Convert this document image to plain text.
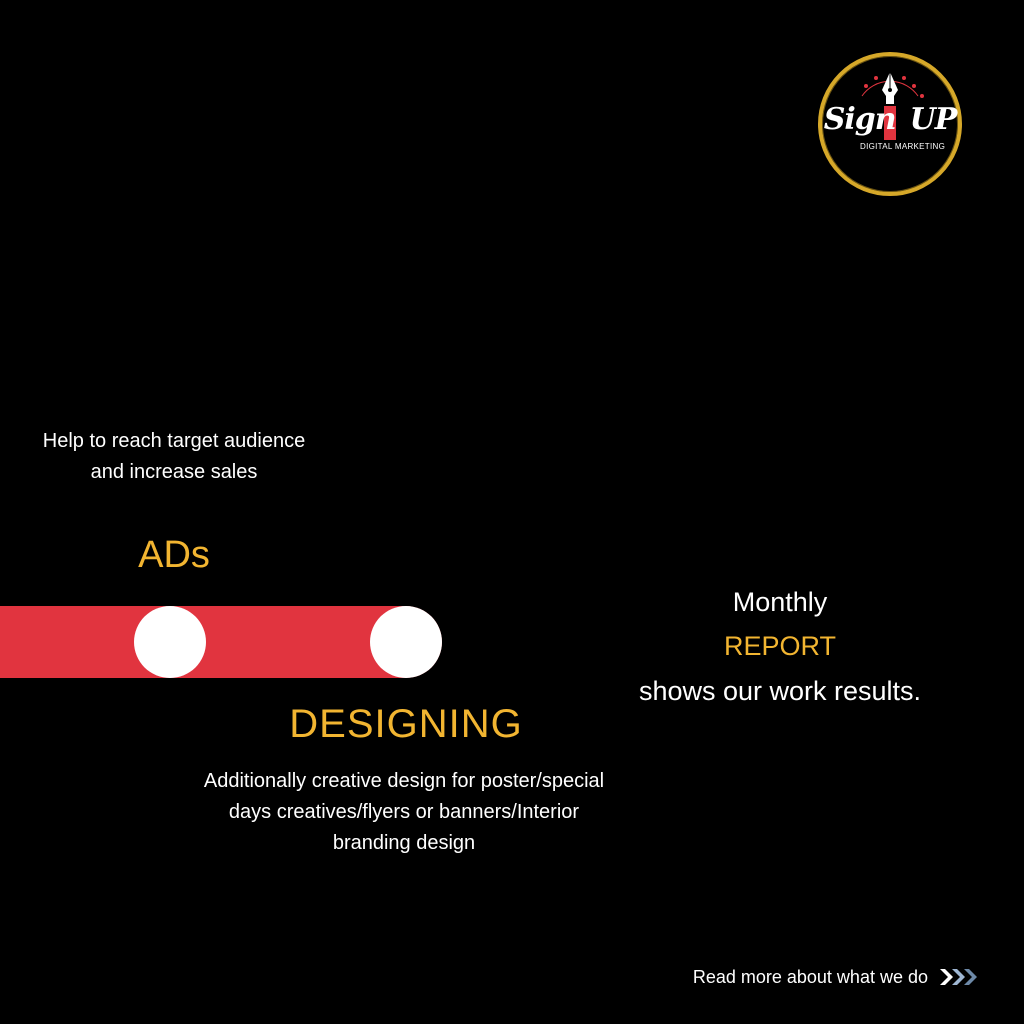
Sign UP
DIGITAL MARKETING
Help to reach target audience and increase sales
ADs
DESIGNING
Additionally creative design for poster/special days creatives/flyers or banners/Interior branding design
Monthly
REPORT
shows our work results.
Read more about what we do
